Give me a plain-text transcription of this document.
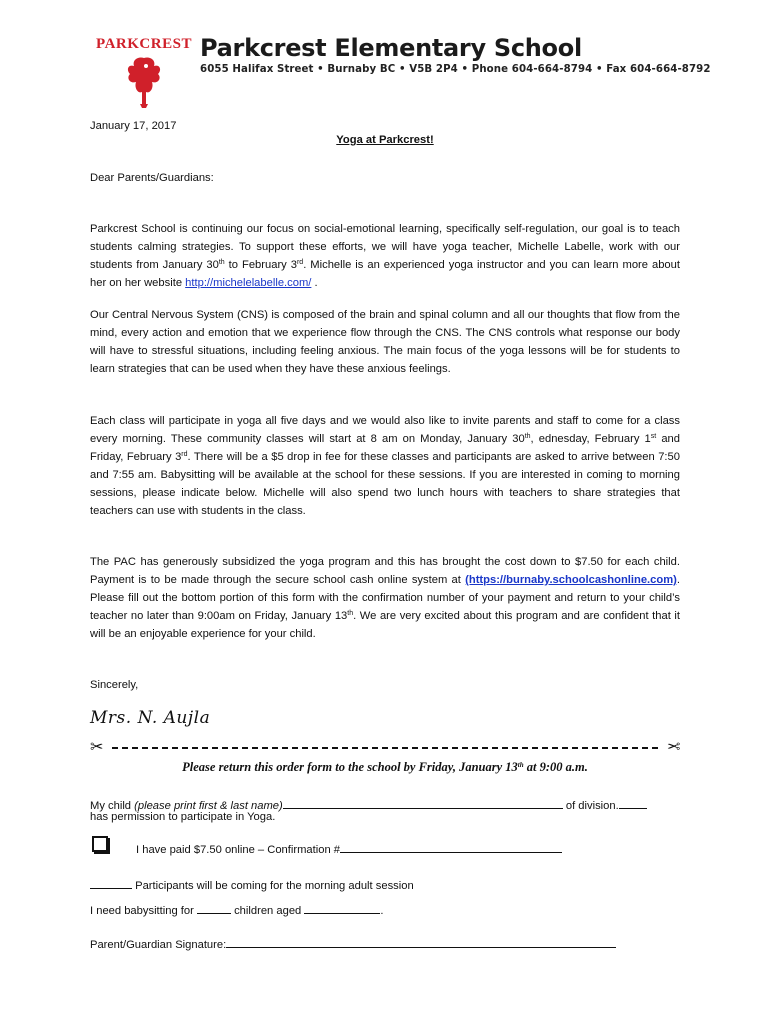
PARKCREST Parkcrest Elementary School
6055 Halifax Street • Burnaby BC • V5B 2P4 • Phone 604-664-8794 • Fax 604-664-8792
January 17, 2017
Yoga at Parkcrest!
Dear Parents/Guardians:
Parkcrest School is continuing our focus on social-emotional learning, specifically self-regulation, our goal is to teach students calming strategies. To support these efforts, we will have yoga teacher, Michelle Labelle, work with our students from January 30th to February 3rd. Michelle is an experienced yoga instructor and you can learn more about her on her website http://michelelabelle.com/ .
Our Central Nervous System (CNS) is composed of the brain and spinal column and all our thoughts that flow from the mind, every action and emotion that we experience flow through the CNS. The CNS controls what response our body will have to stressful situations, including feeling anxious. The main focus of the yoga lessons will be for students to learn strategies that can be used when they have these anxious feelings.
Each class will participate in yoga all five days and we would also like to invite parents and staff to come for a class every morning. These community classes will start at 8 am on Monday, January 30th, ednesday, February 1st and Friday, February 3rd. There will be a $5 drop in fee for these classes and participants are asked to arrive between 7:50 and 7:55 am. Babysitting will be available at the school for these sessions. If you are interested in coming to morning sessions, please indicate below. Michelle will also spend two lunch hours with teachers to share strategies that teachers can use with students in the class.
The PAC has generously subsidized the yoga program and this has brought the cost down to $7.50 for each child. Payment is to be made through the secure school cash online system at (https://burnaby.schoolcashonline.com). Please fill out the bottom portion of this form with the confirmation number of your payment and return to your child’s teacher no later than 9:00am on Friday, January 13th. We are very excited about this program and are confident that it will be an enjoyable experience for your child.
Sincerely,
Mrs. N. Aujla
✂	✂
Please return this order form to the school by Friday, January 13th at 9:00 a.m.
My child (please print first & last name)	of division.
has permission to participate in Yoga.
I have paid $7.50 online – Confirmation #
Participants will be coming for the morning adult session
I need babysitting for	children aged	.
Parent/Guardian Signature:
